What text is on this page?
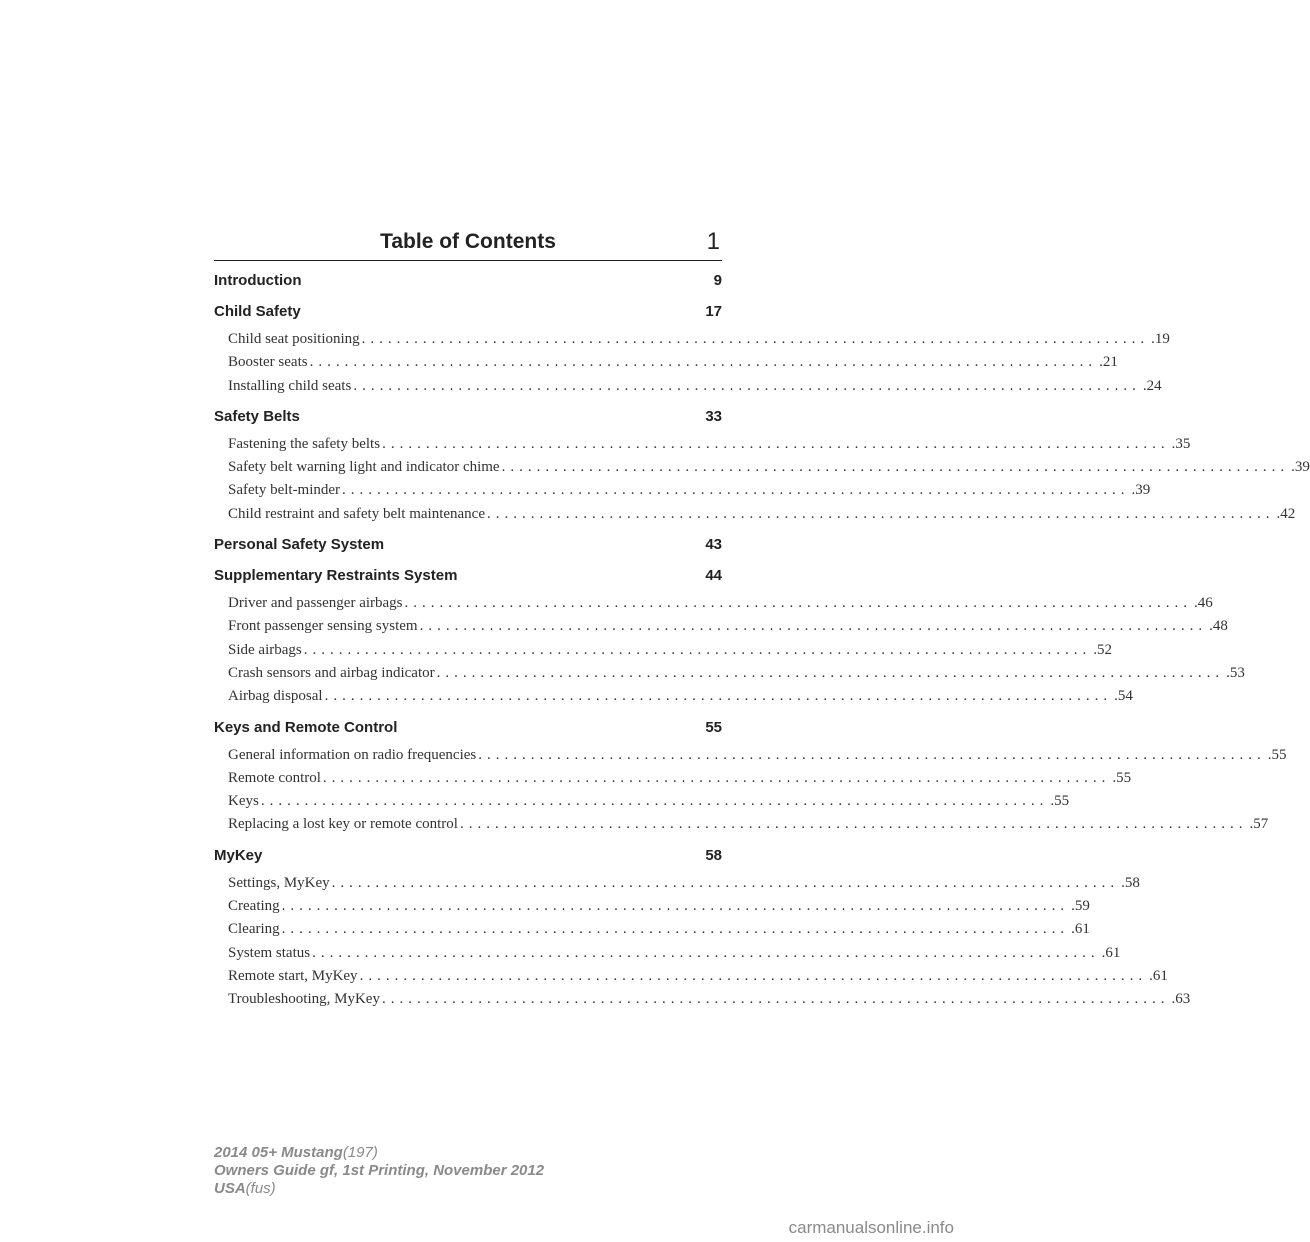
Table of Contents	1
Introduction	9
Child Safety	17
Child seat positioning .......................................................................................... .19
Booster seats .......................................................................................... .21
Installing child seats .......................................................................................... .24
Safety Belts	33
Fastening the safety belts .......................................................................................... .35
Safety belt warning light and indicator chime .......................................................................................... .39
Safety belt-minder .......................................................................................... .39
Child restraint and safety belt maintenance .......................................................................................... .42
Personal Safety System	43
Supplementary Restraints System	44
Driver and passenger airbags .......................................................................................... .46
Front passenger sensing system .......................................................................................... .48
Side airbags .......................................................................................... .52
Crash sensors and airbag indicator .......................................................................................... .53
Airbag disposal .......................................................................................... .54
Keys and Remote Control	55
General information on radio frequencies .......................................................................................... .55
Remote control .......................................................................................... .55
Keys .......................................................................................... .55
Replacing a lost key or remote control .......................................................................................... .57
MyKey	58
Settings, MyKey .......................................................................................... .58
Creating .......................................................................................... .59
Clearing .......................................................................................... .61
System status .......................................................................................... .61
Remote start, MyKey .......................................................................................... .61
Troubleshooting, MyKey .......................................................................................... .63
2014 05+ Mustang(197)
Owners Guide gf, 1st Printing, November 2012
USA(fus)
carmanualsonline.info
